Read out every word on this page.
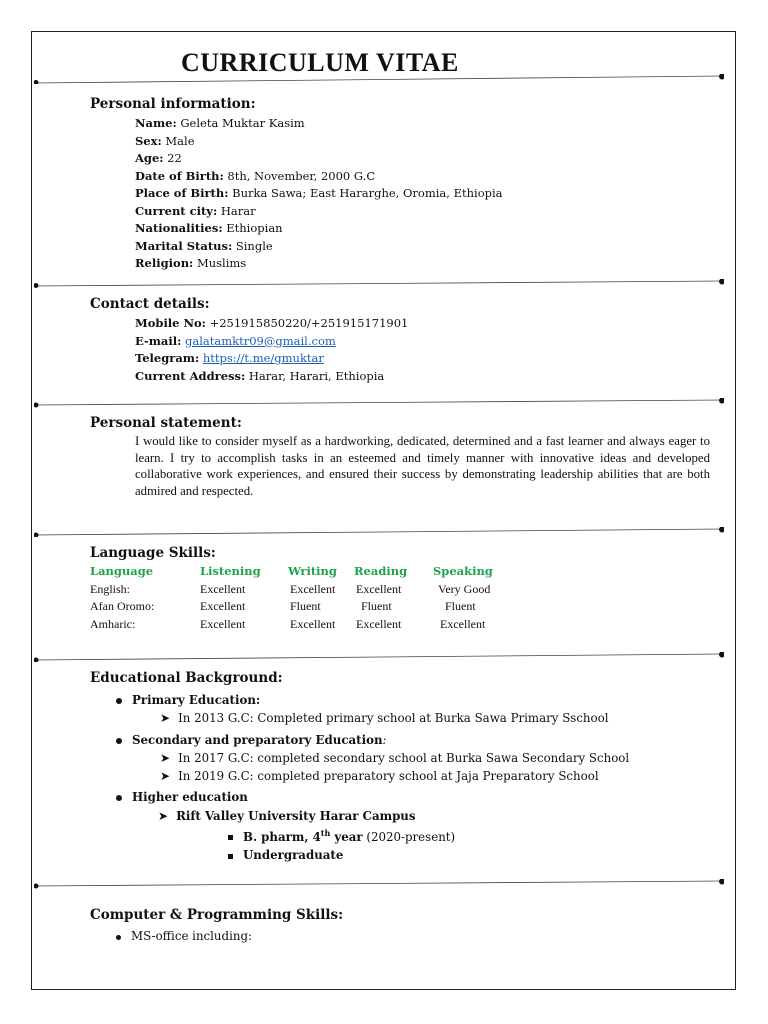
CURRICULUM VITAE
Personal information:
Name: Geleta Muktar Kasim
Sex: Male
Age: 22
Date of Birth: 8th, November, 2000 G.C
Place of Birth: Burka Sawa; East Hararghe, Oromia, Ethiopia
Current city: Harar
Nationalities: Ethiopian
Marital Status: Single
Religion: Muslims
Contact details:
Mobile No: +251915850220/+251915171901
E-mail: galatamktr09@gmail.com
Telegram: https://t.me/gmuktar
Current Address: Harar, Harari, Ethiopia
Personal statement:
I would like to consider myself as a hardworking, dedicated, determined and a fast learner and always eager to learn. I try to accomplish tasks in an esteemed and timely manner with innovative ideas and developed collaborative work experiences, and ensured their success by demonstrating leadership abilities that are both admired and respected.
Language Skills:
Language	Listening Writing Reading Speaking
English:	Excellent	Excellent Excellent	Very Good
Afan Oromo:	Excellent	Fluent	Fluent	Fluent
Amharic:	Excellent	Excellent Excellent	Excellent
Educational Background:
Primary Education:
➤ In 2013 G.C: Completed primary school at Burka Sawa Primary Sschool
Secondary and preparatory Education:
➤ In 2017 G.C: completed secondary school at Burka Sawa Secondary School
➤ In 2019 G.C: completed preparatory school at Jaja Preparatory School
Higher education
➤ Rift Valley University Harar Campus
B. pharm, 4th year (2020-present)
Undergraduate
Computer & Programming Skills:
MS-office including:
